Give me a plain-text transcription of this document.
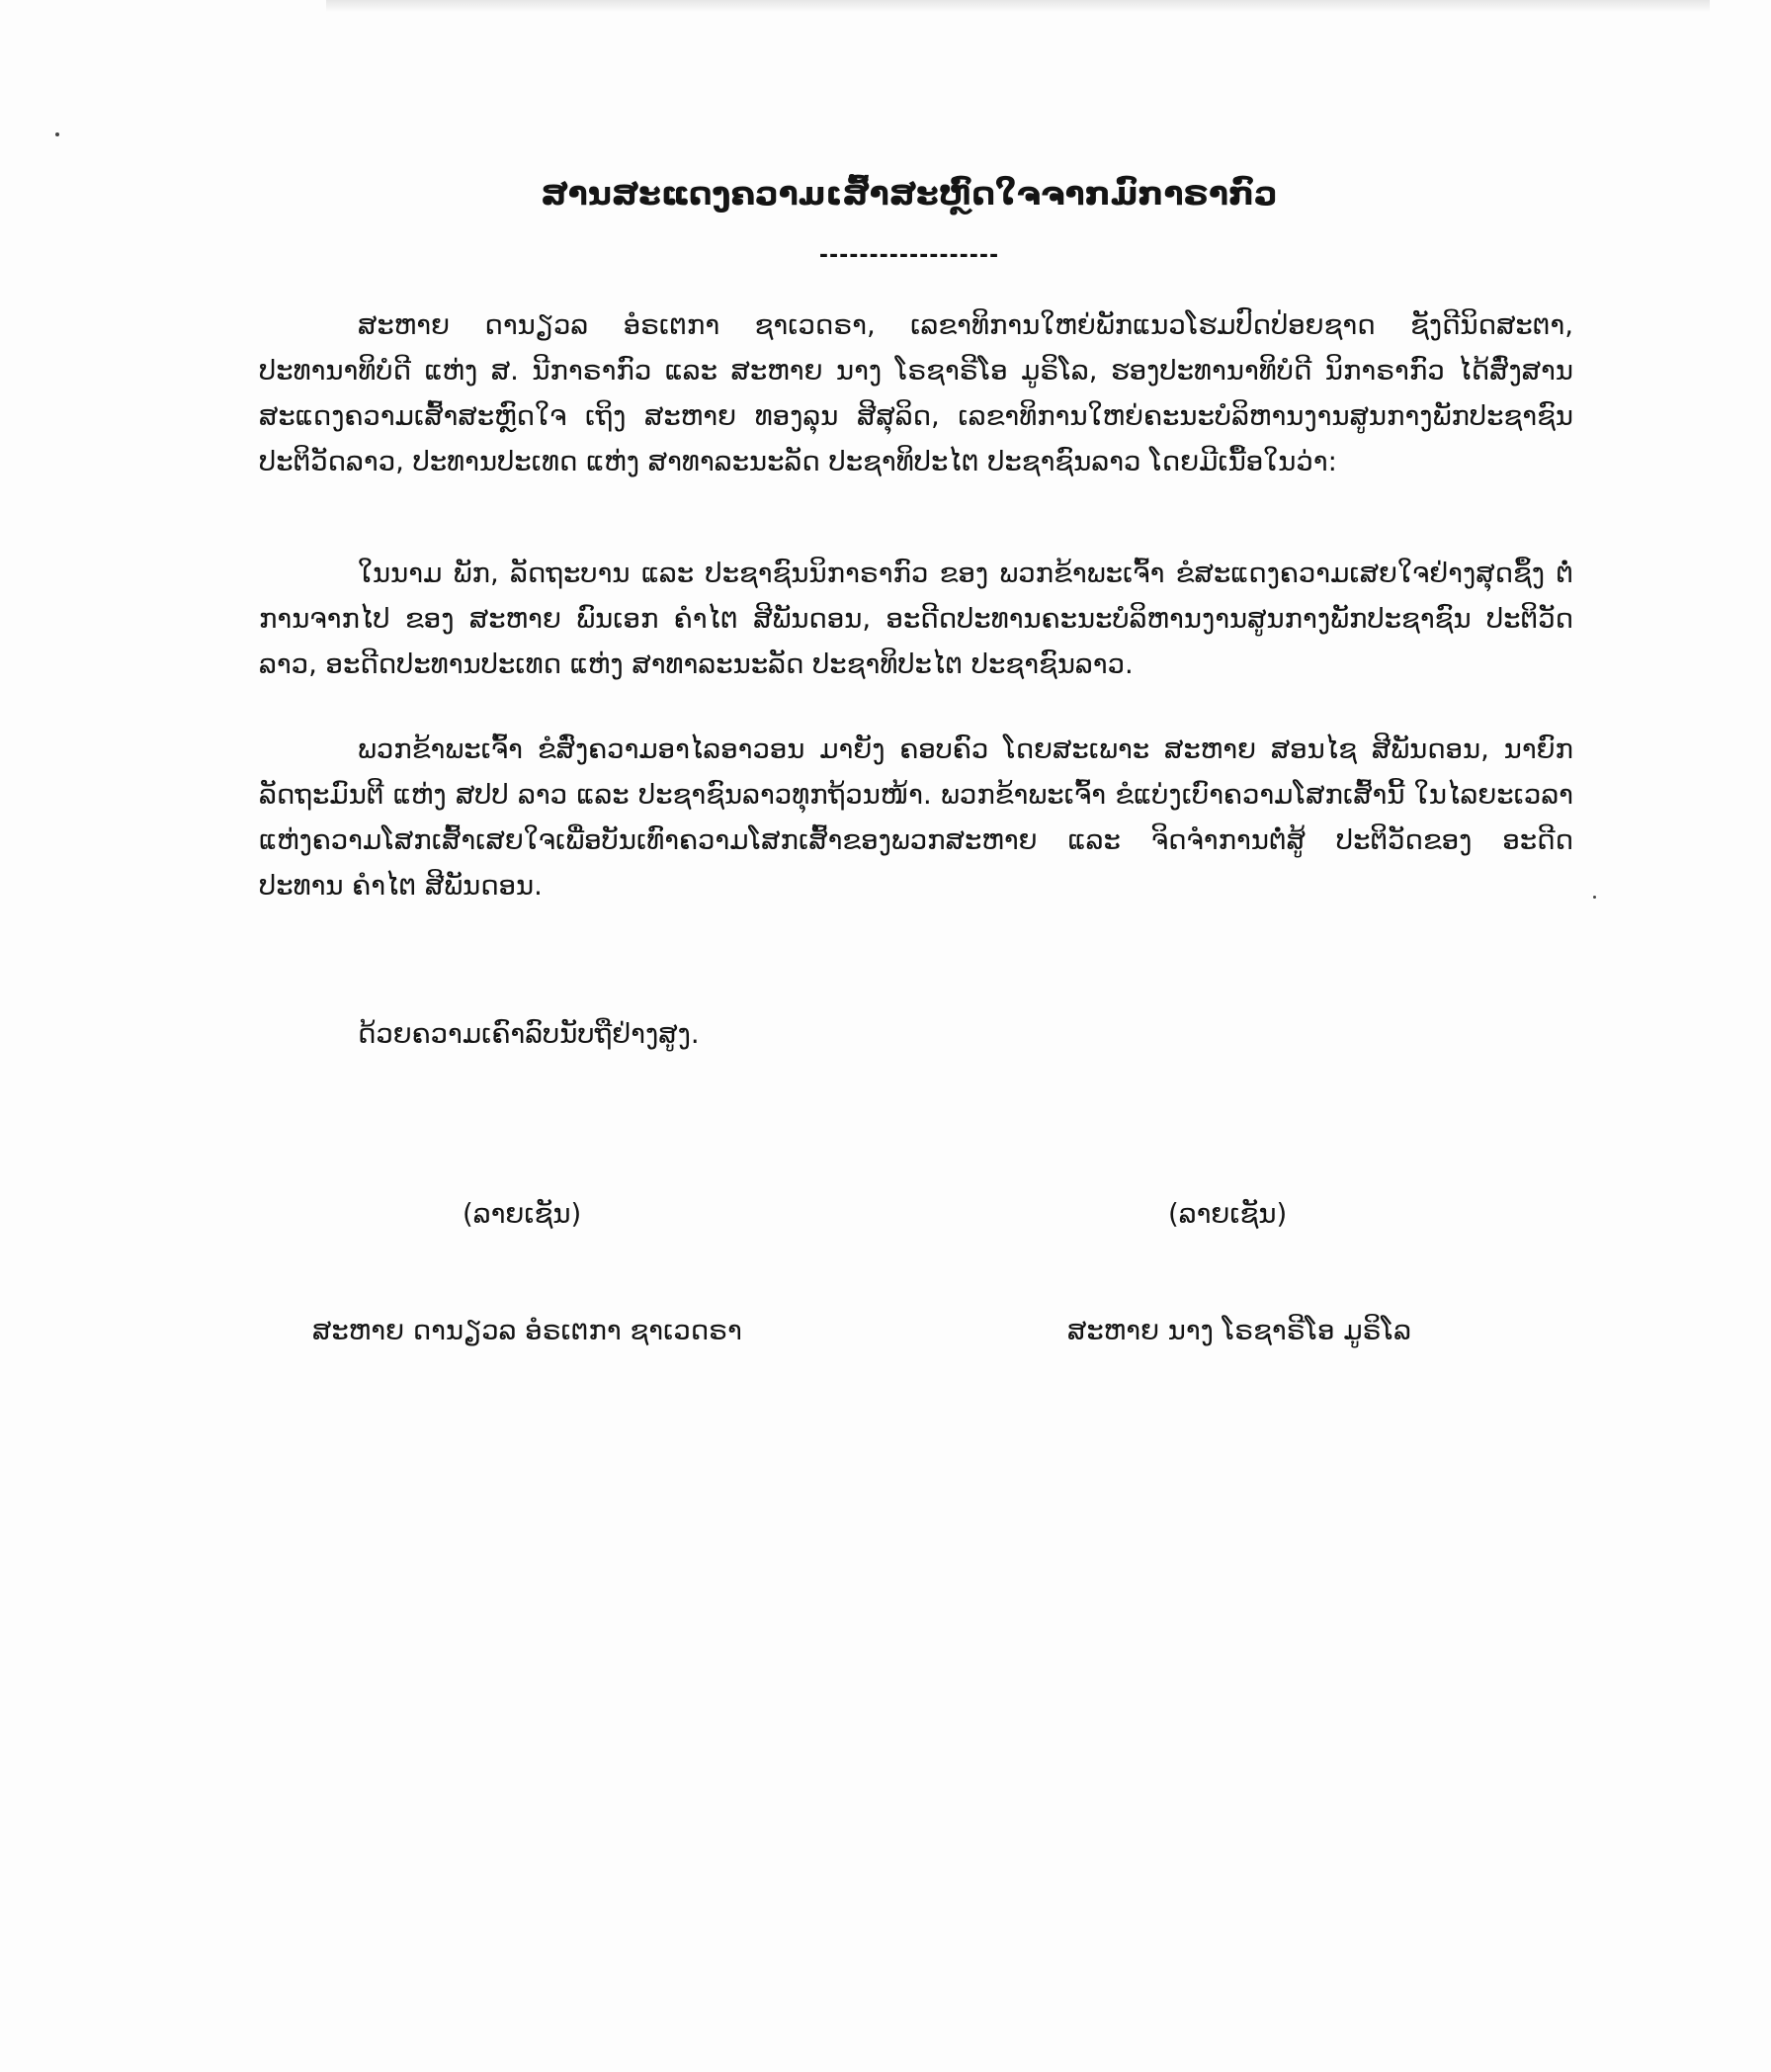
ສານສະແດງຄວາມເສົ້າສະຫຼົດໃຈຈາກມົກາຣາກົວ
------------------

ສະຫາຍ ດານຽວລ ອໍຣເຕກາ ຊາເວດຣາ, ເລຂາທິການໃຫຍ່ພັກແນວໂຮມປົດປ່ອຍຊາດ ຊັງດີນິດສະຕາ, ປະທານາທິບໍດີ ແຫ່ງ ສ. ນີກາຣາກົວ ແລະ ສະຫາຍ ນາງ ໂຣຊາຣີໂອ ມູຣິໂລ, ຮອງປະທານາທິບໍດີ ນິກາຣາກົວ ໄດ້ສົ່ງສານສະແດງຄວາມເສົ້າສະຫຼົດໃຈ ເຖິງ ສະຫາຍ ທອງລຸນ ສີສຸລິດ, ເລຂາທິການໃຫຍ່ຄະນະບໍລິຫານງານສູນກາງພັກປະຊາຊົນ ປະຕິວັດລາວ, ປະທານປະເທດ ແຫ່ງ ສາທາລະນະລັດ ປະຊາທິປະໄຕ ປະຊາຊົນລາວ ໂດຍມີເນື້ອໃນວ່າ:

ໃນນາມ ພັກ, ລັດຖະບານ ແລະ ປະຊາຊົນນິກາຣາກົວ ຂອງ ພວກຂ້າພະເຈົ້າ ຂໍສະແດງຄວາມເສຍໃຈຢ່າງສຸດຊຶ້ງ ຕໍ່ການຈາກໄປ ຂອງ ສະຫາຍ ພົນເອກ ຄໍາໄຕ ສີພັນດອນ, ອະດີດປະທານຄະນະບໍລິຫານງານສູນກາງພັກປະຊາຊົນ ປະຕິວັດລາວ, ອະດີດປະທານປະເທດ ແຫ່ງ ສາທາລະນະລັດ ປະຊາທິປະໄຕ ປະຊາຊົນລາວ.

ພວກຂ້າພະເຈົ້າ ຂໍສົ່ງຄວາມອາໄລອາວອນ ມາຍັງ ຄອບຄົວ ໂດຍສະເພາະ ສະຫາຍ ສອນໄຊ ສີພັນດອນ, ນາຍົກລັດຖະມົນຕີ ແຫ່ງ ສປປ ລາວ ແລະ ປະຊາຊົນລາວທຸກຖ້ວນໜ້າ. ພວກຂ້າພະເຈົ້າ ຂໍແບ່ງເບົາຄວາມໂສກເສົ້ານີ້ ໃນໄລຍະເວລາແຫ່ງຄວາມໂສກເສົ້າເສຍໃຈເພື່ອບັນເທົາຄວາມໂສກເສົ້າຂອງພວກສະຫາຍ ແລະ ຈິດຈໍາການຕໍ່ສູ້ ປະຕິວັດຂອງ ອະດີດ ປະທານ ຄໍາໄຕ ສີພັນດອນ.

ດ້ວຍຄວາມເຄົາລົບນັບຖືຢ່າງສູງ.

(ລາຍເຊັນ)	(ລາຍເຊັນ)
ສະຫາຍ ດານຽວລ ອໍຣເຕກາ ຊາເວດຣາ	ສະຫາຍ ນາງ ໂຣຊາຣີໂອ ມູຣິໂລ
